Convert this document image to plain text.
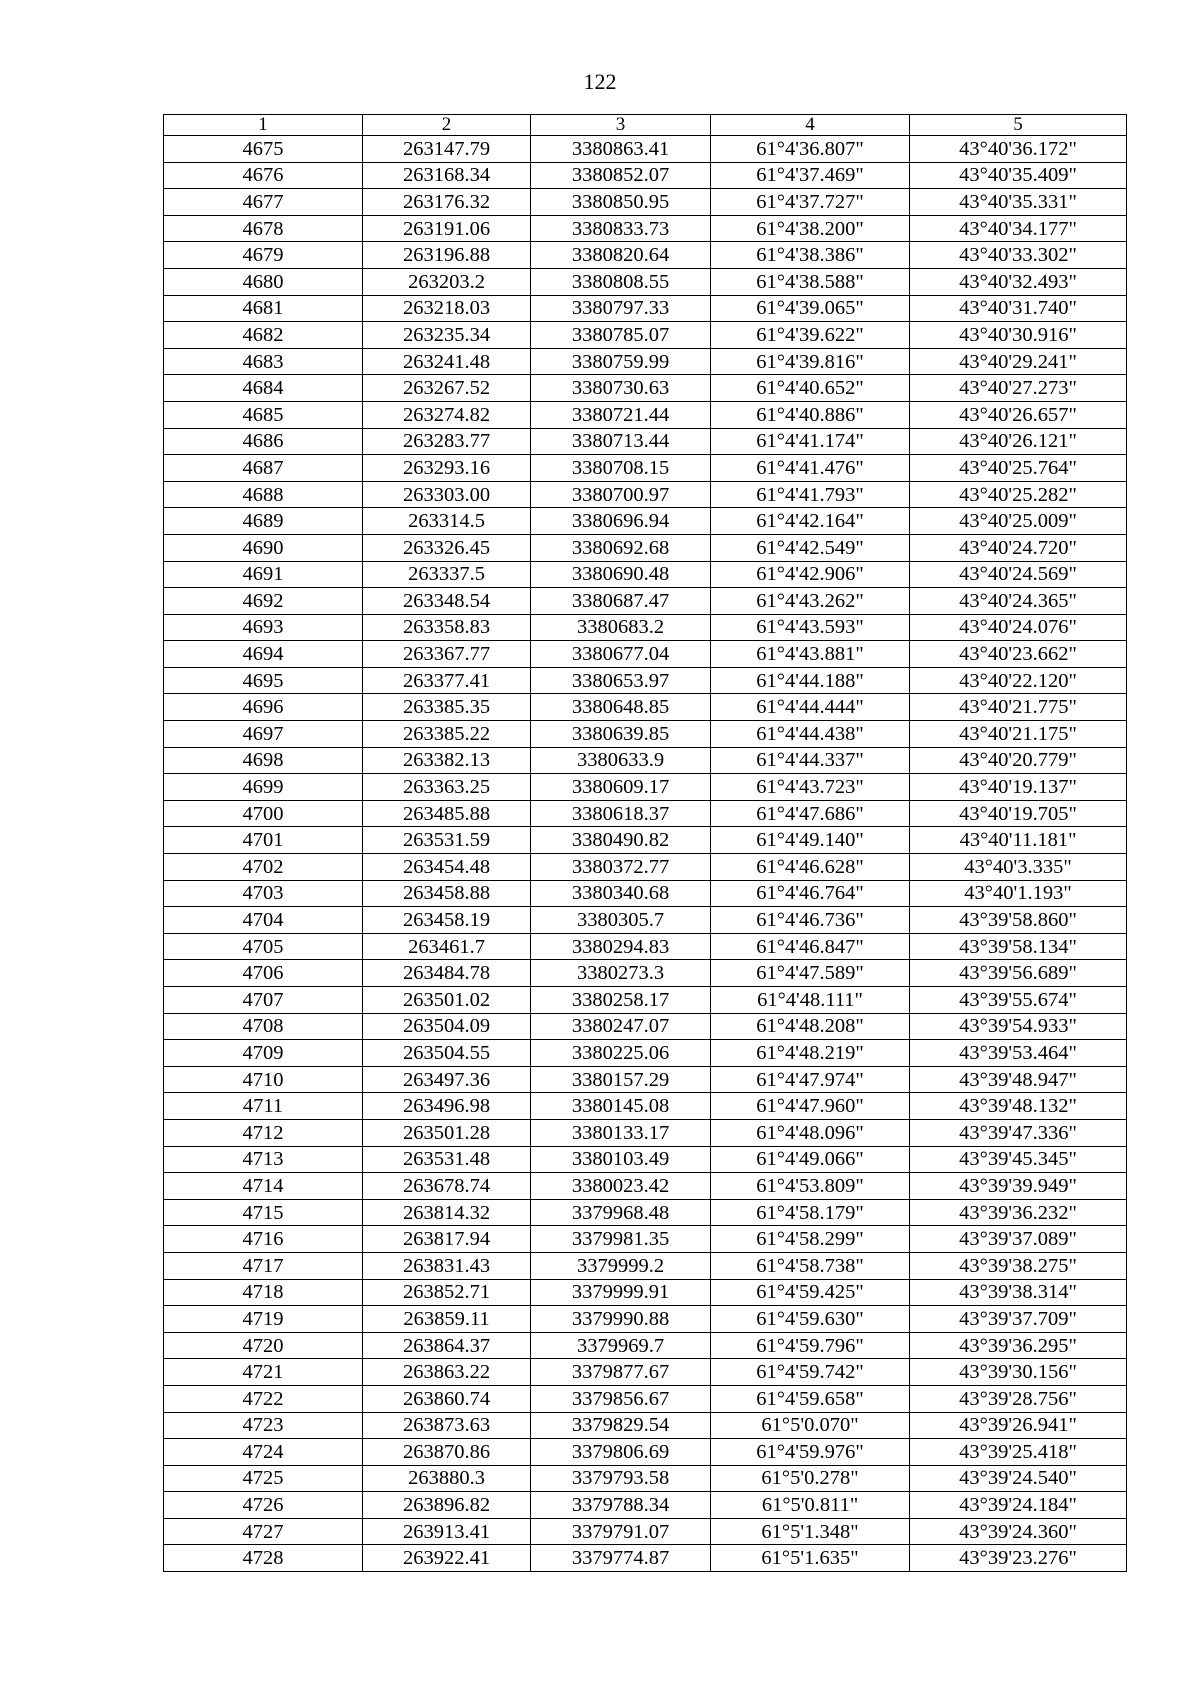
122
1	2	3	4	5
4675	263147.79	3380863.41	61°4'36.807"	43°40'36.172"
4676	263168.34	3380852.07	61°4'37.469"	43°40'35.409"
4677	263176.32	3380850.95	61°4'37.727"	43°40'35.331"
4678	263191.06	3380833.73	61°4'38.200"	43°40'34.177"
4679	263196.88	3380820.64	61°4'38.386"	43°40'33.302"
4680	263203.2	3380808.55	61°4'38.588"	43°40'32.493"
4681	263218.03	3380797.33	61°4'39.065"	43°40'31.740"
4682	263235.34	3380785.07	61°4'39.622"	43°40'30.916"
4683	263241.48	3380759.99	61°4'39.816"	43°40'29.241"
4684	263267.52	3380730.63	61°4'40.652"	43°40'27.273"
4685	263274.82	3380721.44	61°4'40.886"	43°40'26.657"
4686	263283.77	3380713.44	61°4'41.174"	43°40'26.121"
4687	263293.16	3380708.15	61°4'41.476"	43°40'25.764"
4688	263303.00	3380700.97	61°4'41.793"	43°40'25.282"
4689	263314.5	3380696.94	61°4'42.164"	43°40'25.009"
4690	263326.45	3380692.68	61°4'42.549"	43°40'24.720"
4691	263337.5	3380690.48	61°4'42.906"	43°40'24.569"
4692	263348.54	3380687.47	61°4'43.262"	43°40'24.365"
4693	263358.83	3380683.2	61°4'43.593"	43°40'24.076"
4694	263367.77	3380677.04	61°4'43.881"	43°40'23.662"
4695	263377.41	3380653.97	61°4'44.188"	43°40'22.120"
4696	263385.35	3380648.85	61°4'44.444"	43°40'21.775"
4697	263385.22	3380639.85	61°4'44.438"	43°40'21.175"
4698	263382.13	3380633.9	61°4'44.337"	43°40'20.779"
4699	263363.25	3380609.17	61°4'43.723"	43°40'19.137"
4700	263485.88	3380618.37	61°4'47.686"	43°40'19.705"
4701	263531.59	3380490.82	61°4'49.140"	43°40'11.181"
4702	263454.48	3380372.77	61°4'46.628"	43°40'3.335"
4703	263458.88	3380340.68	61°4'46.764"	43°40'1.193"
4704	263458.19	3380305.7	61°4'46.736"	43°39'58.860"
4705	263461.7	3380294.83	61°4'46.847"	43°39'58.134"
4706	263484.78	3380273.3	61°4'47.589"	43°39'56.689"
4707	263501.02	3380258.17	61°4'48.111"	43°39'55.674"
4708	263504.09	3380247.07	61°4'48.208"	43°39'54.933"
4709	263504.55	3380225.06	61°4'48.219"	43°39'53.464"
4710	263497.36	3380157.29	61°4'47.974"	43°39'48.947"
4711	263496.98	3380145.08	61°4'47.960"	43°39'48.132"
4712	263501.28	3380133.17	61°4'48.096"	43°39'47.336"
4713	263531.48	3380103.49	61°4'49.066"	43°39'45.345"
4714	263678.74	3380023.42	61°4'53.809"	43°39'39.949"
4715	263814.32	3379968.48	61°4'58.179"	43°39'36.232"
4716	263817.94	3379981.35	61°4'58.299"	43°39'37.089"
4717	263831.43	3379999.2	61°4'58.738"	43°39'38.275"
4718	263852.71	3379999.91	61°4'59.425"	43°39'38.314"
4719	263859.11	3379990.88	61°4'59.630"	43°39'37.709"
4720	263864.37	3379969.7	61°4'59.796"	43°39'36.295"
4721	263863.22	3379877.67	61°4'59.742"	43°39'30.156"
4722	263860.74	3379856.67	61°4'59.658"	43°39'28.756"
4723	263873.63	3379829.54	61°5'0.070"	43°39'26.941"
4724	263870.86	3379806.69	61°4'59.976"	43°39'25.418"
4725	263880.3	3379793.58	61°5'0.278"	43°39'24.540"
4726	263896.82	3379788.34	61°5'0.811"	43°39'24.184"
4727	263913.41	3379791.07	61°5'1.348"	43°39'24.360"
4728	263922.41	3379774.87	61°5'1.635"	43°39'23.276"
